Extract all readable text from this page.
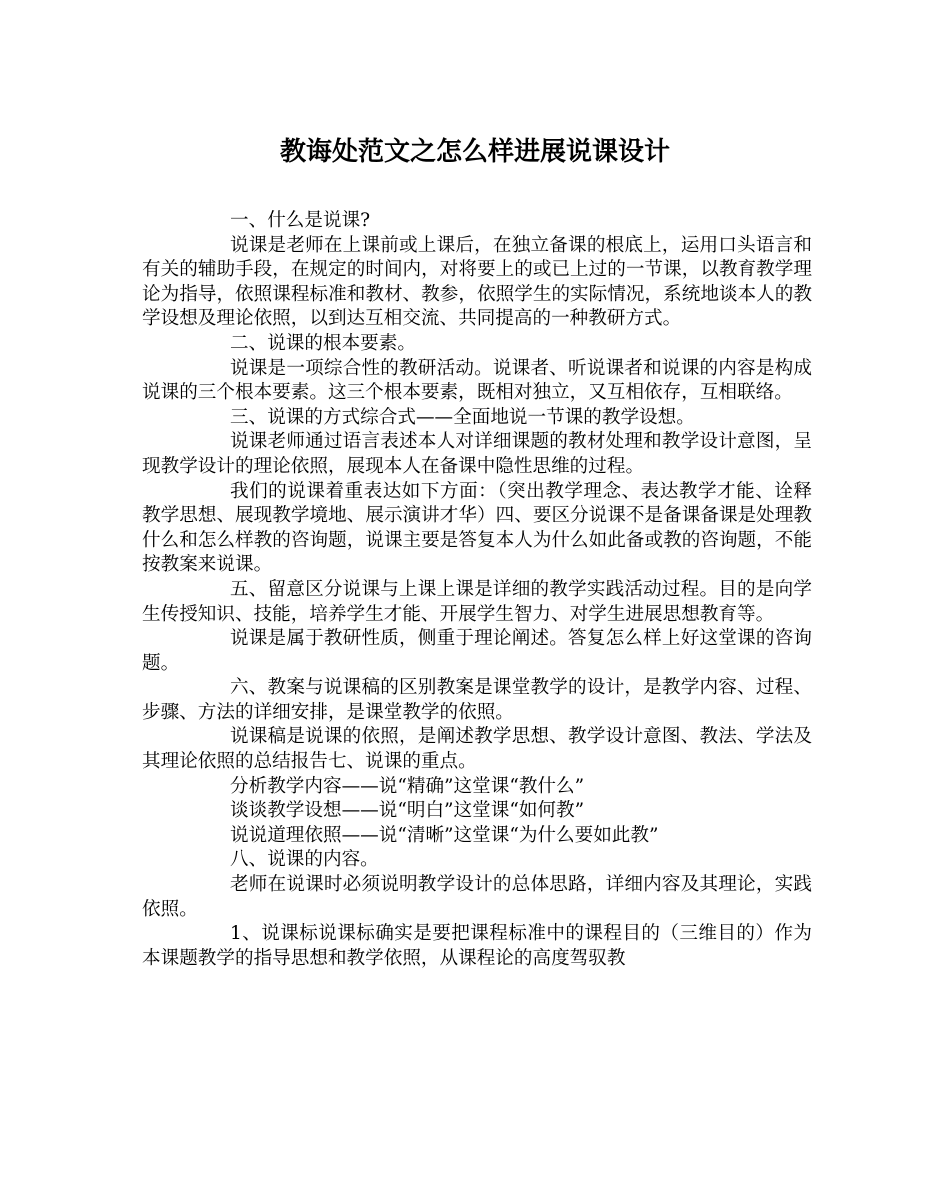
教诲处范文之怎么样进展说课设计

一、什么是说课?

说课是老师在上课前或上课后，在独立备课的根底上，运用口头语言和有关的辅助手段，在规定的时间内，对将要上的或已上过的一节课，以教育教学理论为指导，依照课程标准和教材、教参，依照学生的实际情况，系统地谈本人的教学设想及理论依照，以到达互相交流、共同提高的一种教研方式。

二、说课的根本要素。

说课是一项综合性的教研活动。说课者、听说课者和说课的内容是构成说课的三个根本要素。这三个根本要素，既相对独立，又互相依存，互相联络。

三、说课的方式综合式——全面地说一节课的教学设想。

说课老师通过语言表述本人对详细课题的教材处理和教学设计意图，呈现教学设计的理论依照，展现本人在备课中隐性思维的过程。

我们的说课着重表达如下方面：（突出教学理念、表达教学才能、诠释教学思想、展现教学境地、展示演讲才华）四、要区分说课不是备课备课是处理教什么和怎么样教的咨询题，说课主要是答复本人为什么如此备或教的咨询题，不能按教案来说课。

五、留意区分说课与上课上课是详细的教学实践活动过程。目的是向学生传授知识、技能，培养学生才能、开展学生智力、对学生进展思想教育等。

说课是属于教研性质，侧重于理论阐述。答复怎么样上好这堂课的咨询题。

六、教案与说课稿的区别教案是课堂教学的设计，是教学内容、过程、步骤、方法的详细安排，是课堂教学的依照。

说课稿是说课的依照，是阐述教学思想、教学设计意图、教法、学法及其理论依照的总结报告七、说课的重点。

分析教学内容——说“精确”这堂课“教什么”

谈谈教学设想——说“明白”这堂课“如何教”

说说道理依照——说“清晰”这堂课“为什么要如此教”

八、说课的内容。

老师在说课时必须说明教学设计的总体思路，详细内容及其理论，实践依照。

1、说课标说课标确实是要把课程标准中的课程目的（三维目的）作为本课题教学的指导思想和教学依照，从课程论的高度驾驭教
